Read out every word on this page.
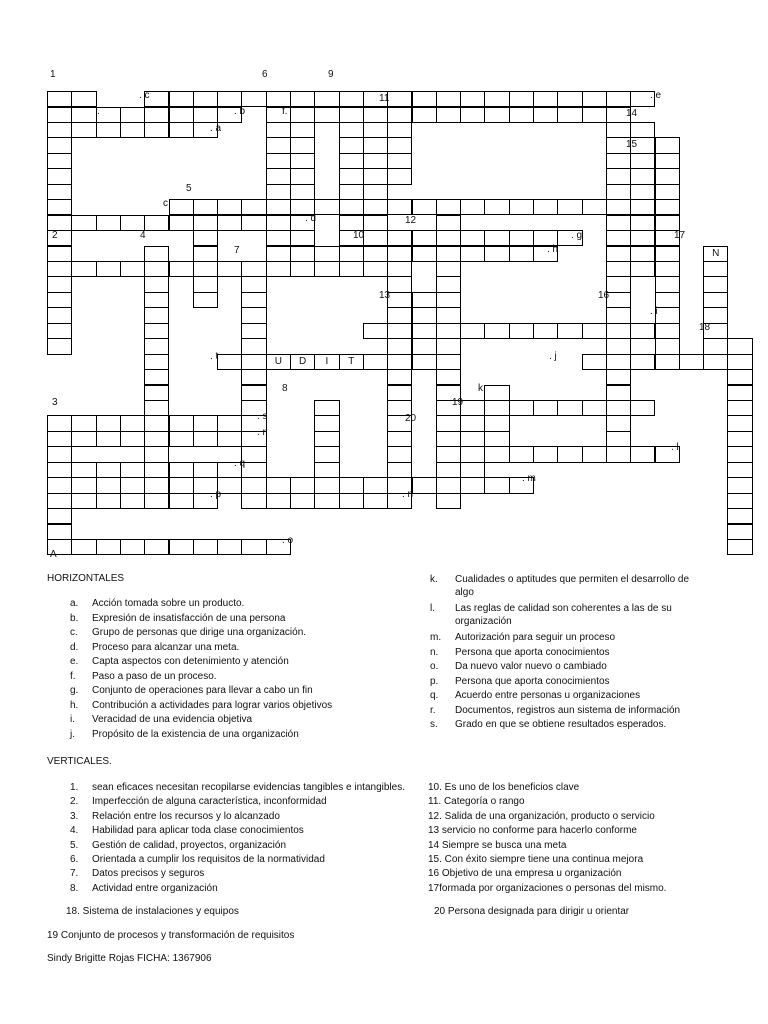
U	D	I	T
N
1	6	9
11
14
15
5
12
2	4	10	17
7
13	16
18
8	k
3	19
20
A
. c	. e
.	. b	f.
. a
c
. d
. g
. h
. i
. t	. j
. s
. r
. l
. q
. m
. p	. n
. o
HORIZONTALES
a. Acción tomada sobre un producto.
b. Expresión de insatisfacción de una persona
c. Grupo de personas que dirige una organización.
d. Proceso para alcanzar una meta.
e. Capta aspectos con detenimiento y atención
f. Paso a paso de un proceso.
g. Conjunto de operaciones para llevar a cabo un fin
h. Contribución a actividades para lograr varios objetivos
i. Veracidad de una evidencia objetiva
j. Propósito de la existencia de una organización
k.	Cualidades o aptitudes que permiten el desarrollo de algo
l.	Las reglas de calidad son coherentes a las de su organización
m.	Autorización para seguir un proceso
n.	Persona que aporta conocimientos
o.	Da nuevo valor nuevo o cambiado
p.	Persona que aporta conocimientos
q.	Acuerdo entre personas u organizaciones
r.	Documentos, registros aun sistema de información
s.	Grado en que se obtiene resultados esperados.
VERTICALES.
1. sean eficaces necesitan recopilarse evidencias tangibles e intangibles.
2. Imperfección de alguna característica, inconformidad
3. Relación entre los recursos y lo alcanzado
4. Habilidad para aplicar toda clase conocimientos
5. Gestión de calidad, proyectos, organización
6. Orientada a cumplir los requisitos de la normatividad
7. Datos precisos y seguros
8. Actividad entre organización
10. Es uno de los beneficios clave
11. Categoría o rango
12. Salida de una organización, producto o servicio
13 servicio no conforme para hacerlo conforme
14 Siempre se busca una meta
15. Con éxito siempre tiene una continua mejora
16 Objetivo de una empresa u organización
17formada por organizaciones o personas del mismo.
18. Sistema de instalaciones y equipos	20 Persona designada para dirigir u orientar
19 Conjunto de procesos y transformación de requisitos
Sindy Brigitte Rojas FICHA: 1367906
